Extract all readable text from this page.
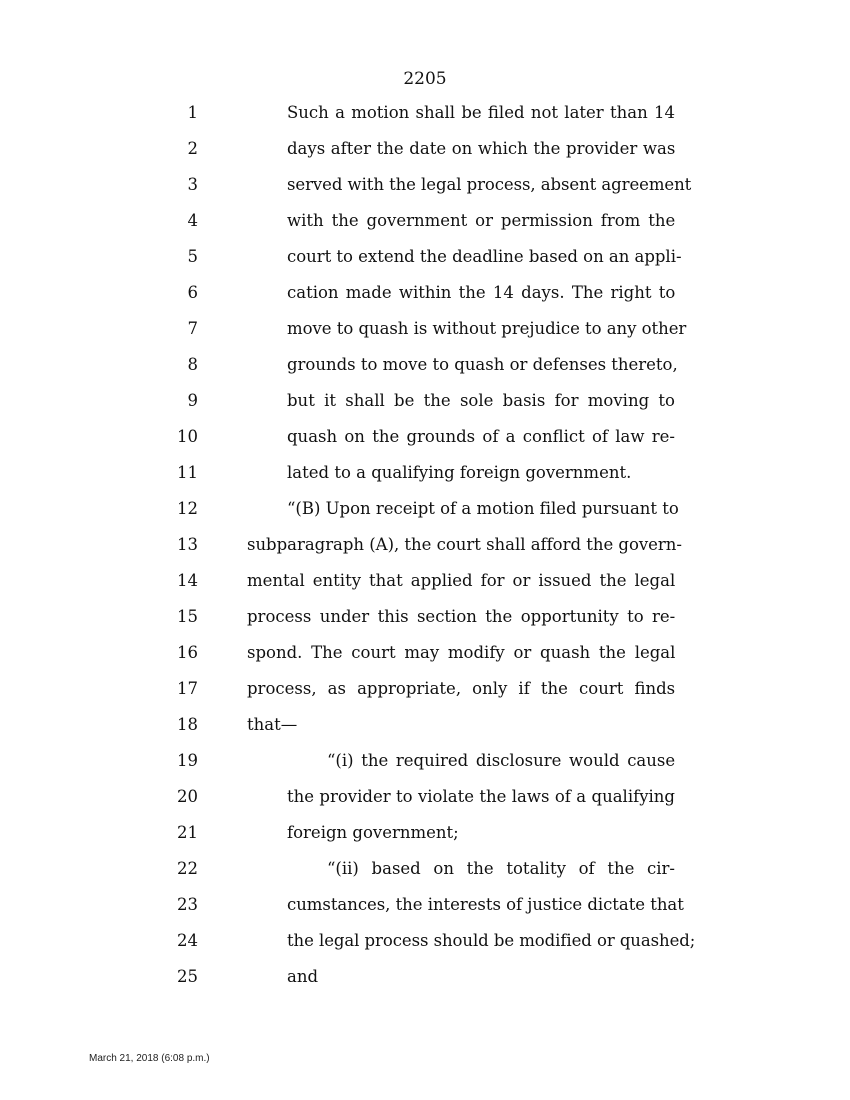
2205
1	Such a motion shall be filed not later than 14
2	days after the date on which the provider was
3	served with the legal process, absent agreement
4	with the government or permission from the
5	court to extend the deadline based on an appli-
6	cation made within the 14 days. The right to
7	move to quash is without prejudice to any other
8	grounds to move to quash or defenses thereto,
9	but it shall be the sole basis for moving to
10	quash on the grounds of a conflict of law re-
11	lated to a qualifying foreign government.
12	“(B) Upon receipt of a motion filed pursuant to
13	subparagraph (A), the court shall afford the govern-
14	mental entity that applied for or issued the legal
15	process under this section the opportunity to re-
16	spond. The court may modify or quash the legal
17	process, as appropriate, only if the court finds
18	that—
19	“(i) the required disclosure would cause
20	the provider to violate the laws of a qualifying
21	foreign government;
22	“(ii) based on the totality of the cir-
23	cumstances, the interests of justice dictate that
24	the legal process should be modified or quashed;
25	and
March 21, 2018 (6:08 p.m.)
